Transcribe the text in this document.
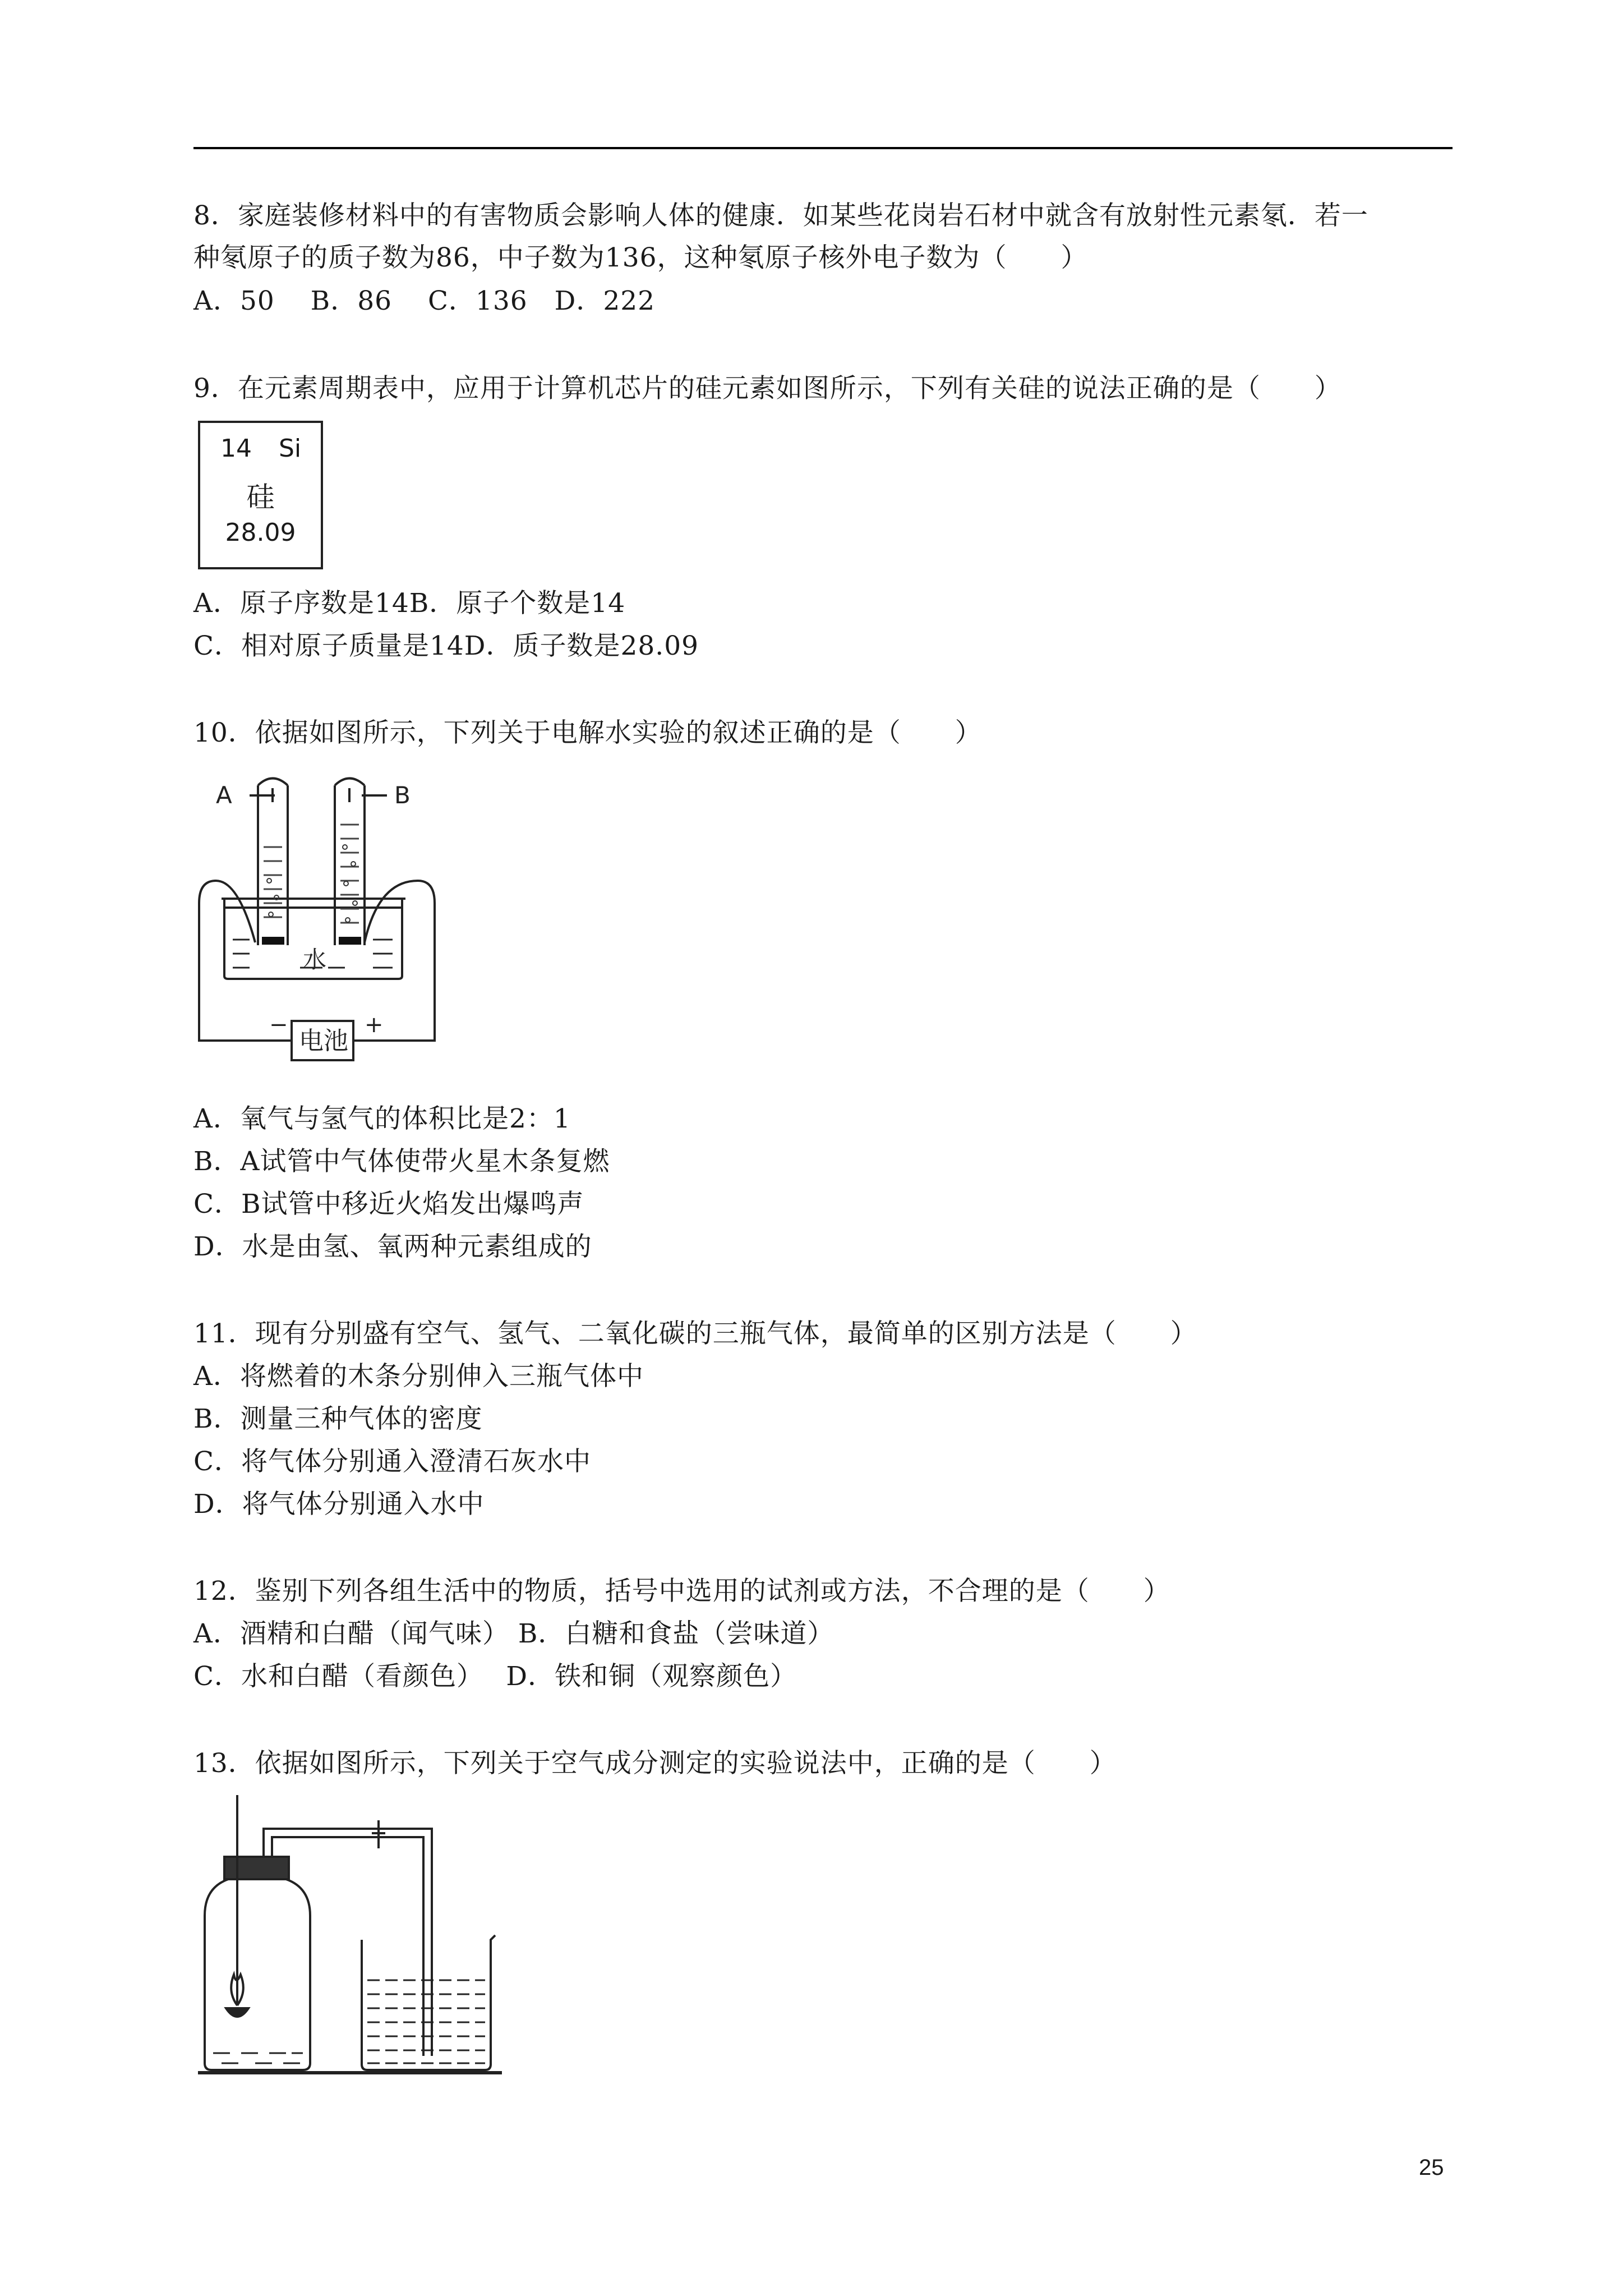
8．家庭装修材料中的有害物质会影响人体的健康．如某些花岗岩石材中就含有放射性元素氡．若一
种氡原子的质子数为86，中子数为136，这种氡原子核外电子数为（　　）
A．50　 B．86　 C．136　D．222
9．在元素周期表中，应用于计算机芯片的硅元素如图所示，下列有关硅的说法正确的是（　　）
14 Si
硅
28.09
A．原子序数是14B．原子个数是14
C．相对原子质量是14D．质子数是28.09
10．依据如图所示，下列关于电解水实验的叙述正确的是（　　）
A	B
水
电池
−	+
A．氧气与氢气的体积比是2：1
B．A试管中气体使带火星木条复燃
C．B试管中移近火焰发出爆鸣声
D．水是由氢、氧两种元素组成的
11．现有分别盛有空气、氢气、二氧化碳的三瓶气体，最简单的区别方法是（　　）
A．将燃着的木条分别伸入三瓶气体中
B．测量三种气体的密度
C．将气体分别通入澄清石灰水中
D．将气体分别通入水中
12．鉴别下列各组生活中的物质，括号中选用的试剂或方法，不合理的是（　　）
A．酒精和白醋（闻气味） B．白糖和食盐（尝味道）
C．水和白醋（看颜色）　 D．铁和铜（观察颜色）
13．依据如图所示，下列关于空气成分测定的实验说法中，正确的是（　　）
25
